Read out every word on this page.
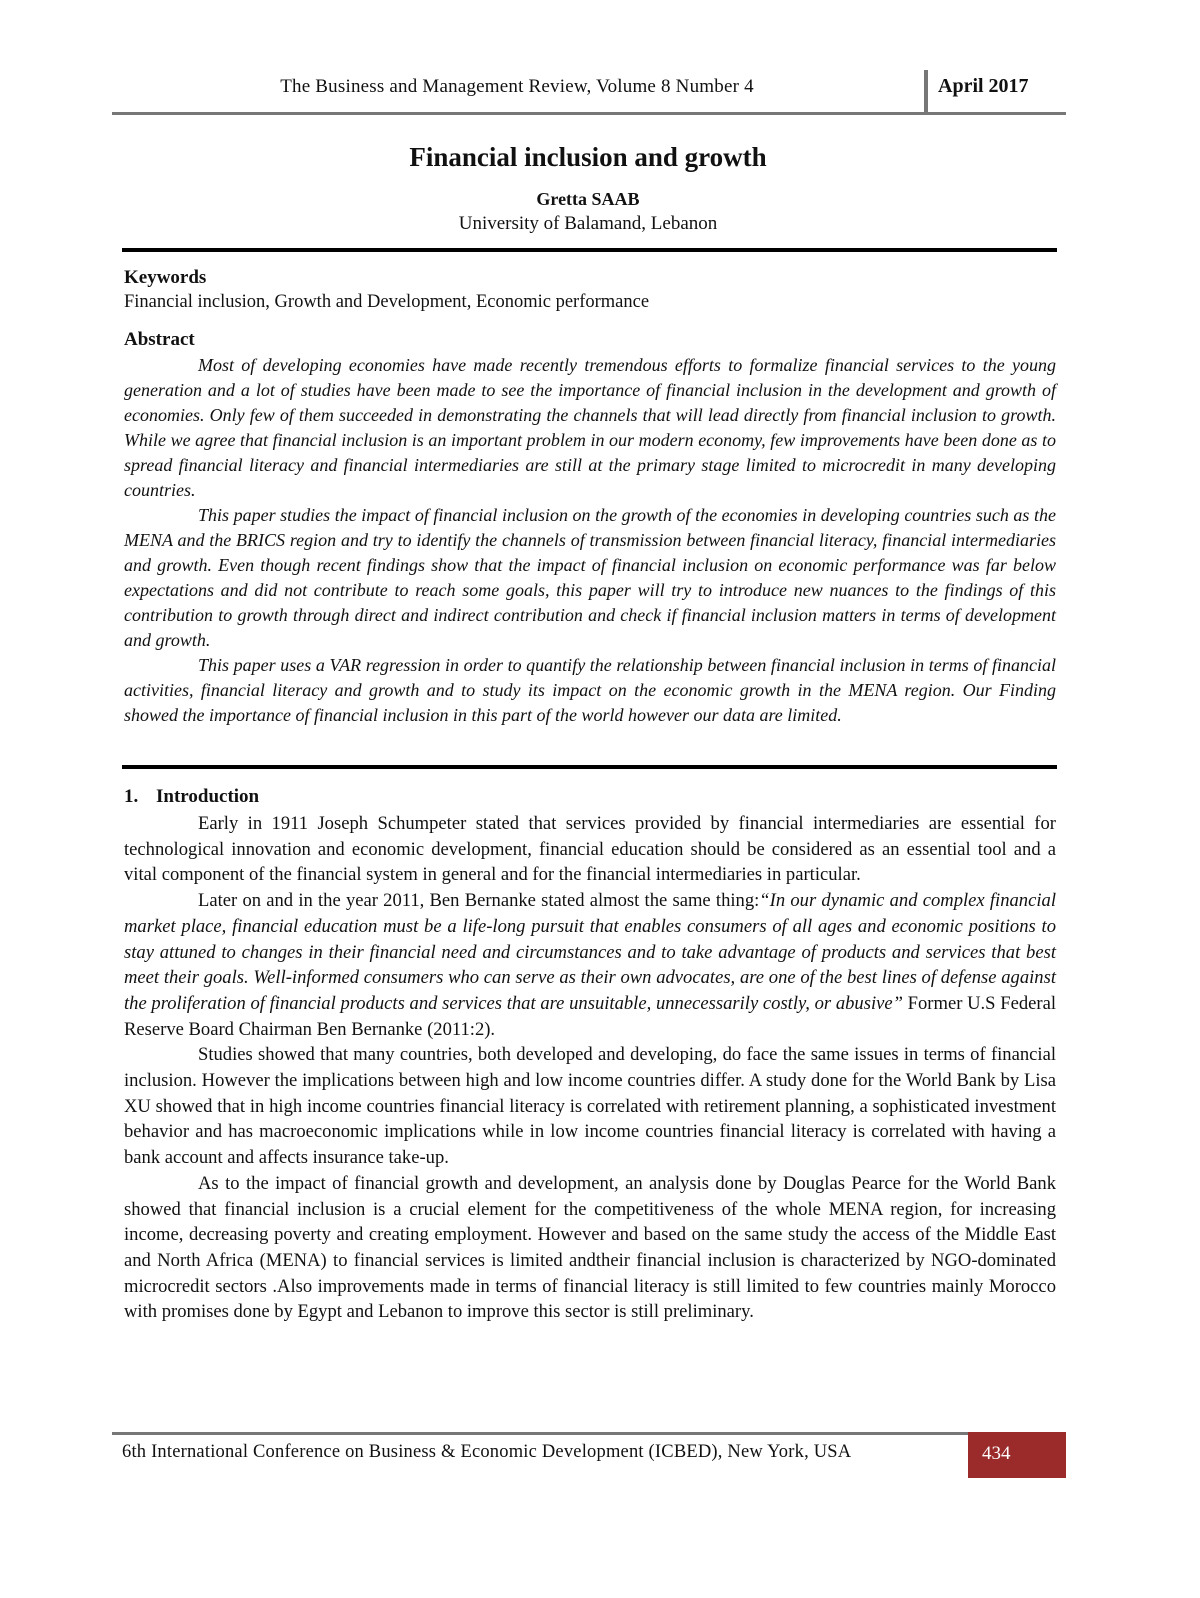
The Business and Management Review, Volume 8 Number 4	April 2017
Financial inclusion and growth
Gretta SAAB
University of Balamand, Lebanon
Keywords
Financial inclusion, Growth and Development, Economic performance
Abstract

Most of developing economies have made recently tremendous efforts to formalize financial services to the young generation and a lot of studies have been made to see the importance of financial inclusion in the development and growth of economies. Only few of them succeeded in demonstrating the channels that will lead directly from financial inclusion to growth. While we agree that financial inclusion is an important problem in our modern economy, few improvements have been done as to spread financial literacy and financial intermediaries are still at the primary stage limited to microcredit in many developing countries.

This paper studies the impact of financial inclusion on the growth of the economies in developing countries such as the MENA and the BRICS region and try to identify the channels of transmission between financial literacy, financial intermediaries and growth. Even though recent findings show that the impact of financial inclusion on economic performance was far below expectations and did not contribute to reach some goals, this paper will try to introduce new nuances to the findings of this contribution to growth through direct and indirect contribution and check if financial inclusion matters in terms of development and growth.

This paper uses a VAR regression in order to quantify the relationship between financial inclusion in terms of financial activities, financial literacy and growth and to study its impact on the economic growth in the MENA region. Our Finding showed the importance of financial inclusion in this part of the world however our data are limited.

1. Introduction

Early in 1911 Joseph Schumpeter stated that services provided by financial intermediaries are essential for technological innovation and economic development, financial education should be considered as an essential tool and a vital component of the financial system in general and for the financial intermediaries in particular.

Later on and in the year 2011, Ben Bernanke stated almost the same thing:“In our dynamic and complex financial market place, financial education must be a life-long pursuit that enables consumers of all ages and economic positions to stay attuned to changes in their financial need and circumstances and to take advantage of products and services that best meet their goals. Well-informed consumers who can serve as their own advocates, are one of the best lines of defense against the proliferation of financial products and services that are unsuitable, unnecessarily costly, or abusive” Former U.S Federal Reserve Board Chairman Ben Bernanke (2011:2).

Studies showed that many countries, both developed and developing, do face the same issues in terms of financial inclusion. However the implications between high and low income countries differ. A study done for the World Bank by Lisa XU showed that in high income countries financial literacy is correlated with retirement planning, a sophisticated investment behavior and has macroeconomic implications while in low income countries financial literacy is correlated with having a bank account and affects insurance take-up.

As to the impact of financial growth and development, an analysis done by Douglas Pearce for the World Bank showed that financial inclusion is a crucial element for the competitiveness of the whole MENA region, for increasing income, decreasing poverty and creating employment. However and based on the same study the access of the Middle East and North Africa (MENA) to financial services is limited andtheir financial inclusion is characterized by NGO-dominated microcredit sectors .Also improvements made in terms of financial literacy is still limited to few countries mainly Morocco with promises done by Egypt and Lebanon to improve this sector is still preliminary.

6th International Conference on Business & Economic Development (ICBED), New York, USA	434
